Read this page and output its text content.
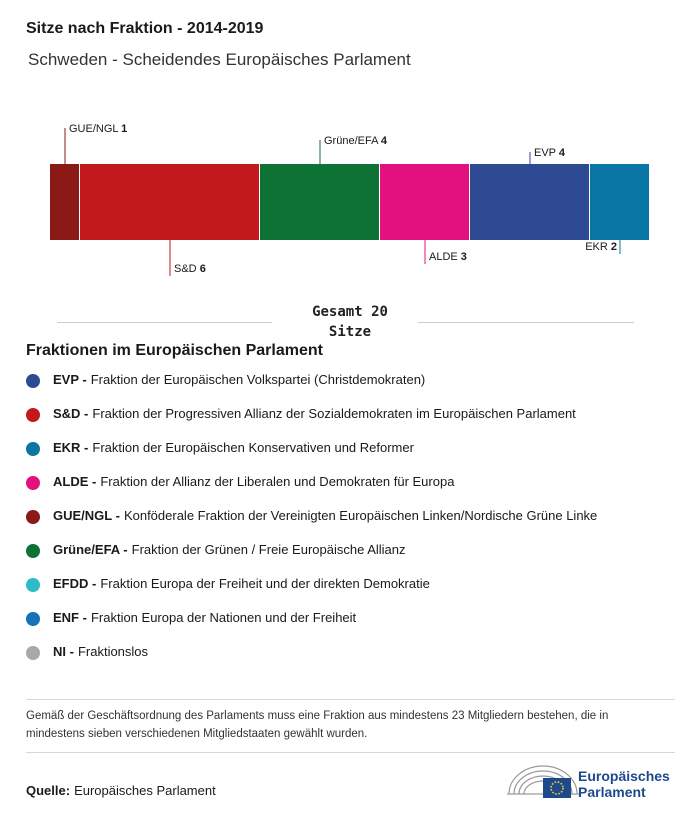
Sitze nach Fraktion - 2014-2019
Schweden - Scheidendes Europäisches Parlament
GUE/NGL 1
S&D 6
Grüne/EFA 4
ALDE 3
EVP 4
EKR 2
Gesamt 20
Sitze
Fraktionen im Europäischen Parlament
EVP - Fraktion der Europäischen Volkspartei (Christdemokraten)
S&D - Fraktion der Progressiven Allianz der Sozialdemokraten im Europäischen Parlament
EKR - Fraktion der Europäischen Konservativen und Reformer
ALDE - Fraktion der Allianz der Liberalen und Demokraten für Europa
GUE/NGL - Konföderale Fraktion der Vereinigten Europäischen Linken/Nordische Grüne Linke
Grüne/EFA - Fraktion der Grünen / Freie Europäische Allianz
EFDD - Fraktion Europa der Freiheit und der direkten Demokratie
ENF - Fraktion Europa der Nationen und der Freiheit
NI - Fraktionslos
Gemäß der Geschäftsordnung des Parlaments muss eine Fraktion aus mindestens 23 Mitgliedern bestehen, die in mindestens sieben verschiedenen Mitgliedstaaten gewählt wurden.
Quelle: Europäisches Parlament
Europäisches
Parlament
